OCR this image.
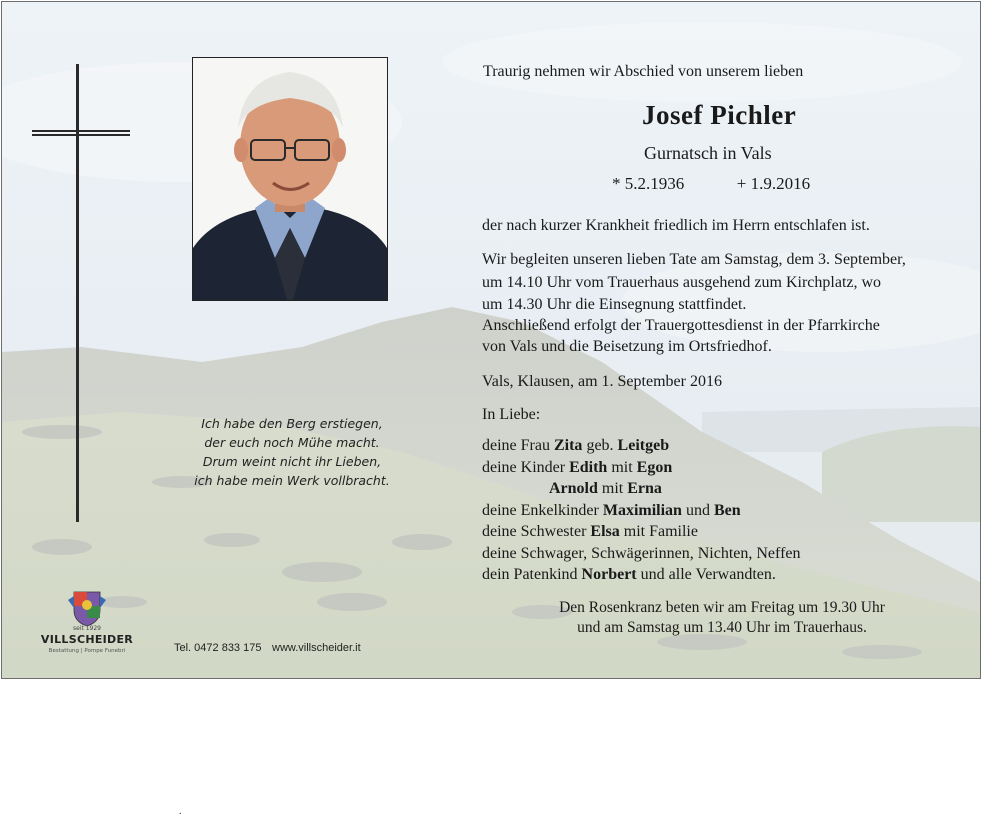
Ich habe den Berg erstiegen,
der euch noch Mühe macht.
Drum weint nicht ihr Lieben,
ich habe mein Werk vollbracht.
Traurig nehmen wir Abschied von unserem lieben
Josef Pichler
Gurnatsch in Vals
* 5.2.1936	+ 1.9.2016
der nach kurzer Krankheit friedlich im Herrn entschlafen ist.
Wir begleiten unseren lieben Tate am Samstag, dem 3. September,
um 14.10 Uhr vom Trauerhaus ausgehend zum Kirchplatz, wo
um 14.30 Uhr die Einsegnung stattfindet.
Anschließend erfolgt der Trauergottesdienst in der Pfarrkirche
von Vals und die Beisetzung im Ortsfriedhof.
Vals, Klausen, am 1. September 2016
In Liebe:
deine Frau Zita geb. Leitgeb
deine Kinder Edith mit Egon
Arnold mit Erna
deine Enkelkinder Maximilian und Ben
deine Schwester Elsa mit Familie
deine Schwager, Schwägerinnen, Nichten, Neffen
dein Patenkind Norbert und alle Verwandten.
Den Rosenkranz beten wir am Freitag um 19.30 Uhr
und am Samstag um 13.40 Uhr im Trauerhaus.
seit 1929
VILLSCHEIDER
Bestattung | Pompe Funebri	Tel. 0472 833 175 www.villscheider.it
.
